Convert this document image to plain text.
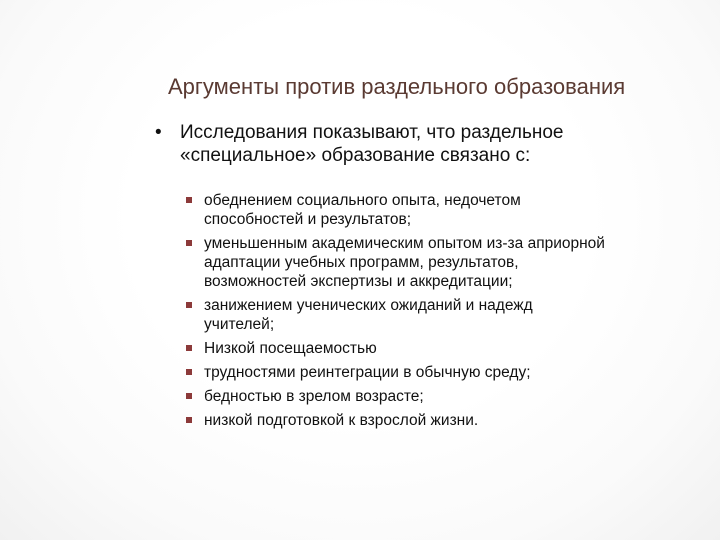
Аргументы против раздельного образования
• Исследования показывают, что раздельное «специальное» образование связано с:
обеднением социального опыта, недочетом способностей и результатов;
уменьшенным академическим опытом из-за априорной адаптации учебных программ, результатов, возможностей экспертизы и аккредитации;
занижением ученических ожиданий и надежд учителей;
Низкой посещаемостью
трудностями реинтеграции в обычную среду;
бедностью в зрелом возрасте;
низкой подготовкой к взрослой жизни.
